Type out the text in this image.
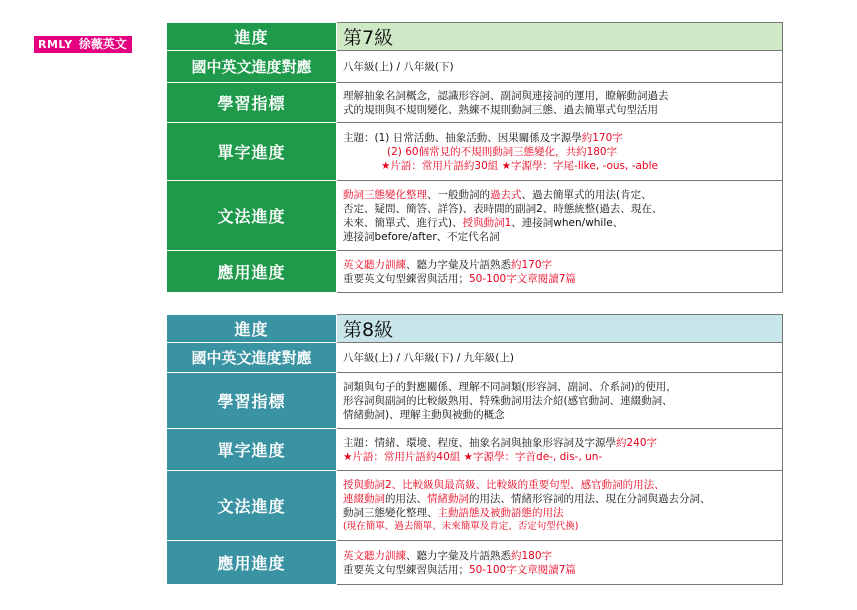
RMLY 徐薇英文	進度	第7級
國中英文進度對應	八年級(上) / 八年級(下)
學習指標	理解抽象名詞概念，認識形容詞、副詞與連接詞的運用，瞭解動詞過去
式的規則與不規則變化、熟練不規則動詞三態、過去簡單式句型活用

單字進度	主題：(1) 日常活動、抽象活動、因果關係及字源學約170字
(2) 60個常見的不規則動詞三態變化，共約180字
★片語：常用片語約30組 ★字源學：字尾-like, -ous, -able

文法進度	動詞三態變化整理、一般動詞的過去式、過去簡單式的用法(肯定、
否定、疑問、簡答、詳答)、表時間的副詞2、時態統整(過去、現在、
未來、簡單式、進行式)、授與動詞1、連接詞when/while、
連接詞before/after、不定代名詞

應用進度	英文聽力訓練、聽力字彙及片語熟悉約170字
重要英文句型練習與活用；50-100字文章閱讀7篇
進度	第8級
國中英文進度對應	八年級(上) / 八年級(下) / 九年級(上)
學習指標	詞類與句子的對應關係、理解不同詞類(形容詞、副詞、介系詞)的使用，
形容詞與副詞的比較級熟用、特殊動詞用法介紹(感官動詞、連綴動詞、
情緒動詞)、理解主動與被動的概念

單字進度	主題：情緒、環境、程度、抽象名詞與抽象形容詞及字源學約240字
★片語：常用片語約40組 ★字源學：字首de-, dis-, un-

文法進度	授與動詞2、比較級與最高級、比較級的重要句型、感官動詞的用法、
連綴動詞的用法、情緒動詞的用法、情緒形容詞的用法、現在分詞與過去分詞、
動詞三態變化整理、主動語態及被動語態的用法
(現在簡單、過去簡單、未來簡單及肯定、否定句型代換)

應用進度	英文聽力訓練、聽力字彙及片語熟悉約180字
重要英文句型練習與活用；50-100字文章閱讀7篇
